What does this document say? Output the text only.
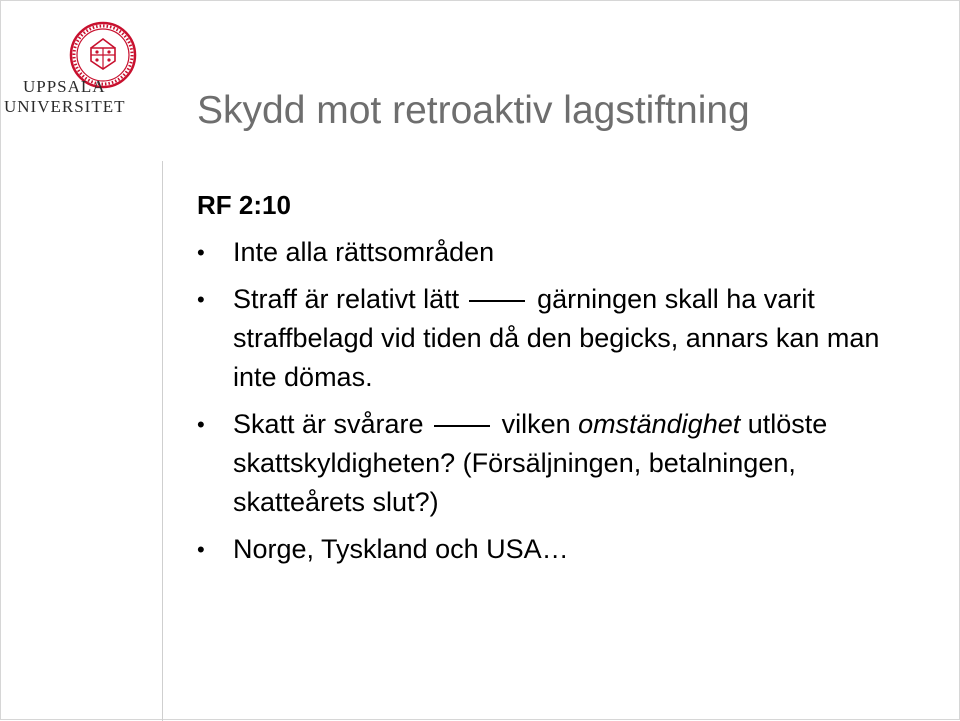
UPPSALA
UNIVERSITET	Skydd mot retroaktiv lagstiftning
RF 2:10
• Inte alla rättsområden
• Straff är relativt lätt	gärningen skall ha varit straffbelagd vid tiden då den begicks, annars kan man inte dömas.
• Skatt är svårare	vilken omständighet utlöste skattskyldigheten? (Försäljningen, betalningen, skatteårets slut?)
• Norge, Tyskland och USA…
